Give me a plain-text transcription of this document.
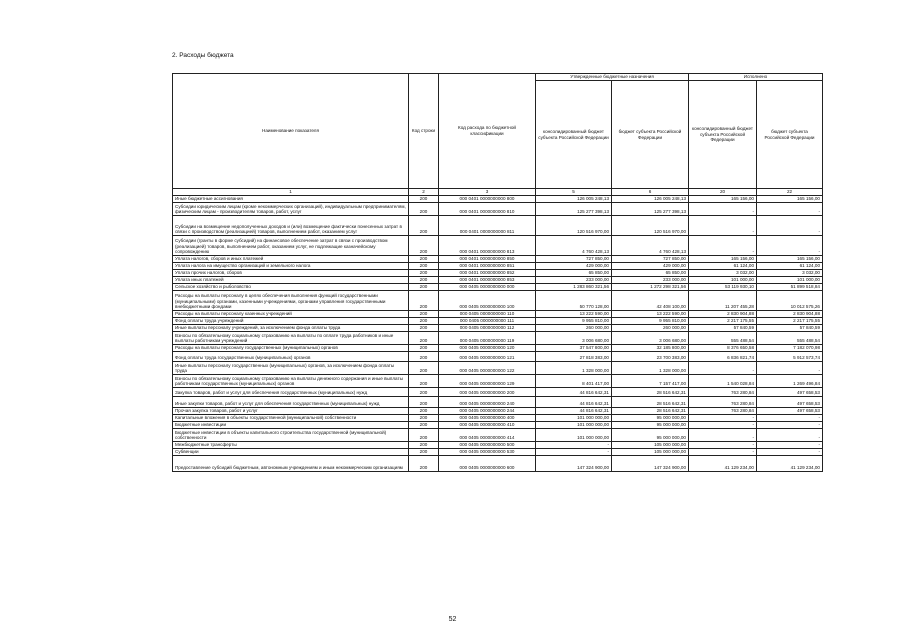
2. Расходы бюджета
Наименование показателя	Код строки	Код расхода по бюджетной классификации	Утвержденные бюджетные назначения		Исполнено	
			консолидированный бюджет субъекта Российской Федерации	бюджет субъекта Российской Федерации	консолидированный бюджет субъекта Российской Федерации	бюджет субъекта Российской Федерации
1	2	3	5	6	20	22
Иные бюджетные ассигнования	200	000 0401 0000000000 800	126 005 248,13	126 005 248,13	165 156,00	165 156,00
Субсидии юридическим лицам (кроме некоммерческих организаций), индивидуальным предпринимателям, физическим лицам - производителям товаров, работ, услуг	200	000 0401 0000000000 810	125 277 398,13	125 277 398,13	-	-
Субсидии на возмещение недополученных доходов и (или) возмещение фактически понесенных затрат в связи с производством (реализацией) товаров, выполнением работ, оказанием услуг	200	000 0401 0000000000 811	120 516 970,00	120 516 970,00	-	-
Субсидии (гранты в форме субсидий) на финансовое обеспечение затрат в связи с производством (реализацией) товаров, выполнением работ, оказанием услуг, не подлежащие казначейскому сопровождению	200	000 0401 0000000000 813	4 760 428,13	4 760 428,13	-	-
Уплата налогов, сборов и иных платежей	200	000 0401 0000000000 850	727 850,00	727 850,00	165 156,00	165 156,00
Уплата налога на имущество организаций и земельного налога	200	000 0401 0000000000 851	429 000,00	429 000,00	61 124,00	61 124,00
Уплата прочих налогов, сборов	200	000 0401 0000000000 852	65 850,00	65 850,00	3 032,00	3 032,00
Уплата иных платежей	200	000 0401 0000000000 853	233 000,00	233 000,00	101 000,00	101 000,00
Сельское хозяйство и рыболовство	200	000 0405 0000000000 000	1 283 860 321,56	1 272 298 321,56	53 119 930,10	51 899 518,84
Расходы на выплаты персоналу в целях обеспечения выполнения функций государственными (муниципальными) органами, казенными учреждениями, органами управления государственными внебюджетными фондами	200	000 0405 0000000000 100	50 770 128,00	42 408 100,00	11 207 455,28	10 012 575,26
Расходы на выплаты персоналу казенных учреждений	200	000 0405 0000000000 110	13 222 590,00	13 222 590,00	2 830 904,88	2 830 904,88
Фонд оплаты труда учреждений	200	000 0405 0000000000 111	9 955 810,00	9 955 810,00	2 217 175,55	2 217 175,55
Иные выплаты персоналу учреждений, за исключением фонда оплаты труда	200	000 0405 0000000000 112	260 000,00	260 000,00	57 840,59	57 840,59
Взносы по обязательному социальному страхованию на выплаты по оплате труда работников и иные выплаты работникам учреждений	200	000 0405 0000000000 119	3 006 680,00	3 006 680,00	555 488,54	555 488,54
Расходы на выплаты персоналу государственных (муниципальных) органов	200	000 0405 0000000000 120	37 547 800,00	32 185 800,00	8 376 650,58	7 182 070,98
Фонд оплаты труда государственных (муниципальных) органов	200	000 0405 0000000000 121	27 818 383,00	23 700 383,00	6 836 821,74	5 912 573,74
Иные выплаты персоналу государственных (муниципальных) органов, за исключением фонда оплаты труда	200	000 0405 0000000000 122	1 328 000,00	1 328 000,00	-	-
Взносы по обязательному социальному страхованию на выплаты денежного содержания и иные выплаты работникам государственных (муниципальных) органов	200	000 0405 0000000000 129	8 401 417,00	7 157 417,00	1 540 028,84	1 269 496,84
Закупка товаров, работ и услуг для обеспечения государственных (муниципальных) нужд	200	000 0405 0000000000 200	44 816 642,31	28 516 642,31	763 280,84	497 658,53
Иные закупки товаров, работ и услуг для обеспечения государственных (муниципальных) нужд	200	000 0405 0000000000 240	44 816 642,31	28 516 642,31	763 280,84	497 658,53
Прочая закупка товаров, работ и услуг	200	000 0405 0000000000 244	44 816 642,31	28 516 642,31	763 280,84	497 658,53
Капитальные вложения в объекты государственной (муниципальной) собственности	200	000 0405 0000000000 400	101 000 000,00	95 000 000,00	-	-
Бюджетные инвестиции	200	000 0405 0000000000 410	101 000 000,00	95 000 000,00	-	-
Бюджетные инвестиции в объекты капитального строительства государственной (муниципальной) собственности	200	000 0405 0000000000 414	101 000 000,00	95 000 000,00	-	-
Межбюджетные трансферты	200	000 0405 0000000000 500	-	105 000 000,00	-	-
Субвенции	200	000 0405 0000000000 530	-	105 000 000,00	-	-
Предоставление субсидий бюджетным, автономным учреждениям и иным некоммерческим организациям	200	000 0405 0000000000 600	147 324 900,00	147 324 900,00	41 129 234,00	41 129 234,00
52
